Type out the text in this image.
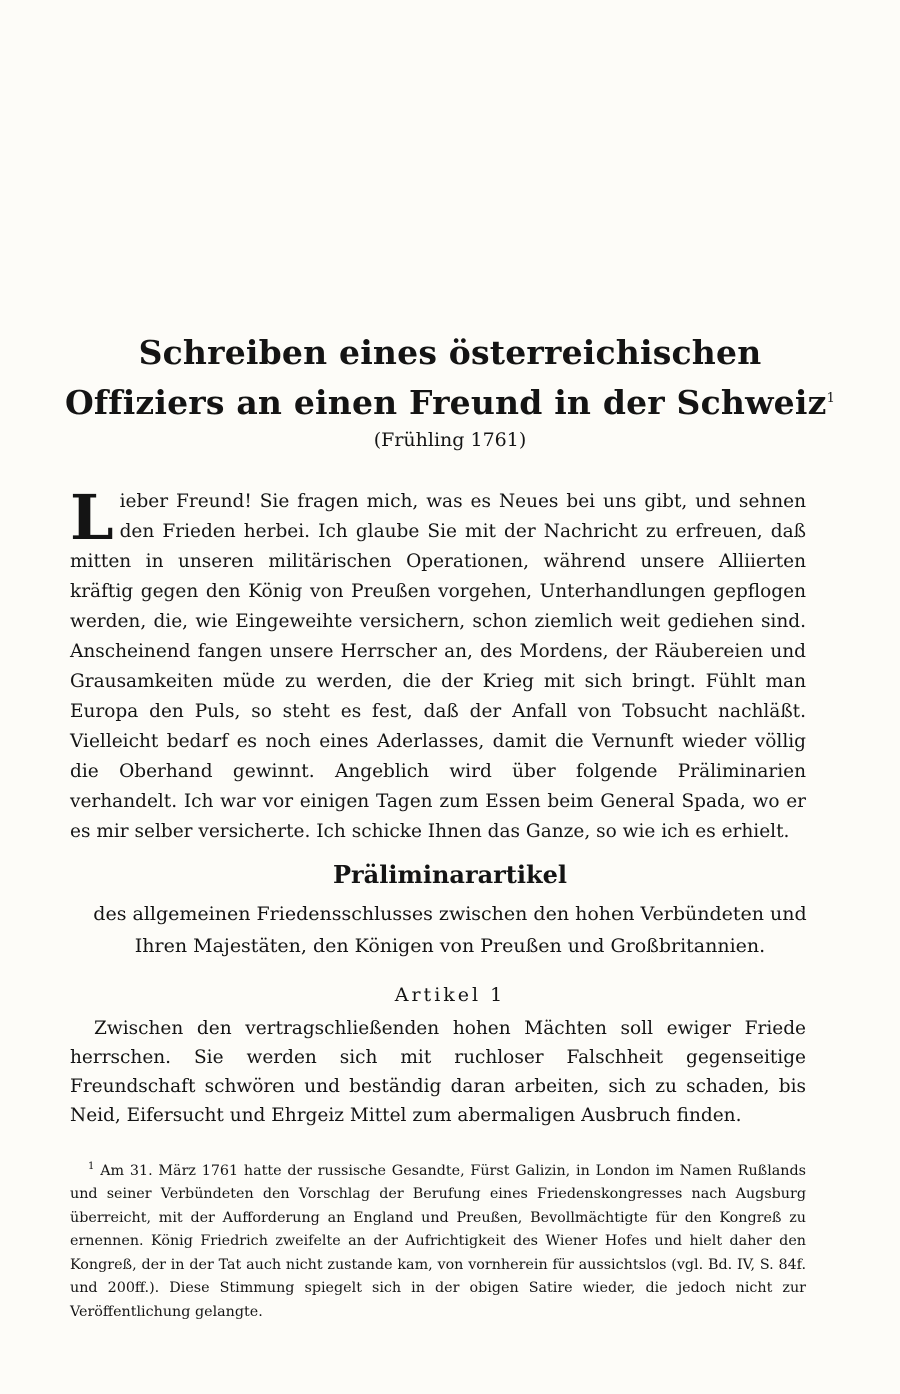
Schreiben eines österreichischen Offiziers an einen Freund in der Schweiz$^1$
(Frühling 1761)
L ieber Freund! Sie fragen mich, was es Neues bei uns gibt, und sehnen den Frieden herbei. Ich glaube Sie mit der Nachricht zu erfreuen, daß mitten in unseren militärischen Operationen, während unsere Alliierten kräftig gegen den König von Preußen vorgehen, Unterhandlungen gepflogen werden, die, wie Eingeweihte versichern, schon ziemlich weit gediehen sind. Anscheinend fangen unsere Herrscher an, des Mordens, der Räubereien und Grausamkeiten müde zu werden, die der Krieg mit sich bringt. Fühlt man Europa den Puls, so steht es fest, daß der Anfall von Tobsucht nachläßt. Vielleicht bedarf es noch eines Aderlasses, damit die Vernunft wieder völlig die Oberhand gewinnt. Angeblich wird über folgende Präliminarien verhandelt. Ich war vor einigen Tagen zum Essen beim General Spada, wo er es mir selber versicherte. Ich schicke Ihnen das Ganze, so wie ich es erhielt.
Präliminarartikel
des allgemeinen Friedensschlusses zwischen den hohen Verbündeten und Ihren Majestäten, den Königen von Preußen und Großbritannien.
Artikel 1
Zwischen den vertragschließenden hohen Mächten soll ewiger Friede herrschen. Sie werden sich mit ruchloser Falschheit gegenseitige Freundschaft schwören und beständig daran arbeiten, sich zu schaden, bis Neid, Eifersucht und Ehrgeiz Mittel zum abermaligen Ausbruch finden.
$^1$ Am 31. März 1761 hatte der russische Gesandte, Fürst Galizin, in London im Namen Rußlands und seiner Verbündeten den Vorschlag der Berufung eines Friedenskongresses nach Augsburg überreicht, mit der Aufforderung an England und Preußen, Bevollmächtigte für den Kongreß zu ernennen. König Friedrich zweifelte an der Aufrichtigkeit des Wiener Hofes und hielt daher den Kongreß, der in der Tat auch nicht zustande kam, von vornherein für aussichtslos (vgl. Bd. IV, S. 84f. und 200ff.). Diese Stimmung spiegelt sich in der obigen Satire wieder, die jedoch nicht zur Veröffentlichung gelangte.
